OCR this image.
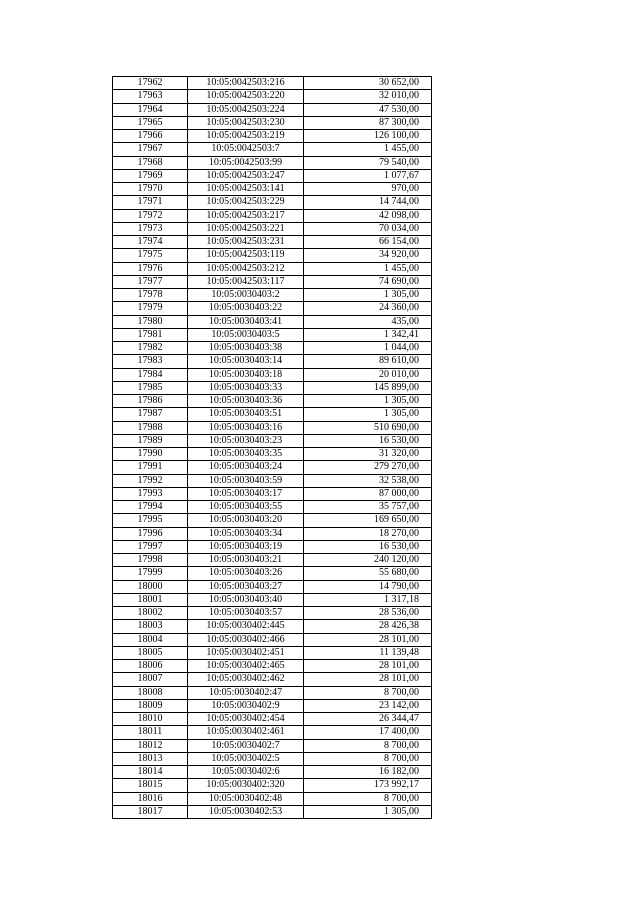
17962	10:05:0042503:216	30 652,00
17963	10:05:0042503:220	32 010,00
17964	10:05:0042503:224	47 530,00
17965	10:05:0042503:230	87 300,00
17966	10:05:0042503:219	126 100,00
17967	10:05:0042503:7	1 455,00
17968	10:05:0042503:99	79 540,00
17969	10:05:0042503:247	1 077,67
17970	10:05:0042503:141	970,00
17971	10:05:0042503:229	14 744,00
17972	10:05:0042503:217	42 098,00
17973	10:05:0042503:221	70 034,00
17974	10:05:0042503:231	66 154,00
17975	10:05:0042503:119	34 920,00
17976	10:05:0042503:212	1 455,00
17977	10:05:0042503:117	74 690,00
17978	10:05:0030403:2	1 305,00
17979	10:05:0030403:22	24 360,00
17980	10:05:0030403:41	435,00
17981	10:05:0030403:5	1 342,41
17982	10:05:0030403:38	1 044,00
17983	10:05:0030403:14	89 610,00
17984	10:05:0030403:18	20 010,00
17985	10:05:0030403:33	145 899,00
17986	10:05:0030403:36	1 305,00
17987	10:05:0030403:51	1 305,00
17988	10:05:0030403:16	510 690,00
17989	10:05:0030403:23	16 530,00
17990	10:05:0030403:35	31 320,00
17991	10:05:0030403:24	279 270,00
17992	10:05:0030403:59	32 538,00
17993	10:05:0030403:17	87 000,00
17994	10:05:0030403:55	35 757,00
17995	10:05:0030403:20	169 650,00
17996	10:05:0030403:34	18 270,00
17997	10:05:0030403:19	16 530,00
17998	10:05:0030403:21	240 120,00
17999	10:05:0030403:26	55 680,00
18000	10:05:0030403:27	14 790,00
18001	10:05:0030403:40	1 317,18
18002	10:05:0030403:57	28 536,00
18003	10:05:0030402:445	28 426,38
18004	10:05:0030402:466	28 101,00
18005	10:05:0030402:451	11 139,48
18006	10:05:0030402:465	28 101,00
18007	10:05:0030402:462	28 101,00
18008	10:05:0030402:47	8 700,00
18009	10:05:0030402:9	23 142,00
18010	10:05:0030402:454	26 344,47
18011	10:05:0030402:461	17 400,00
18012	10:05:0030402:7	8 700,00
18013	10:05:0030402:5	8 700,00
18014	10:05:0030402:6	16 182,00
18015	10:05:0030402:320	173 992,17
18016	10:05:0030402:48	8 700,00
18017	10:05:0030402:53	1 305,00
